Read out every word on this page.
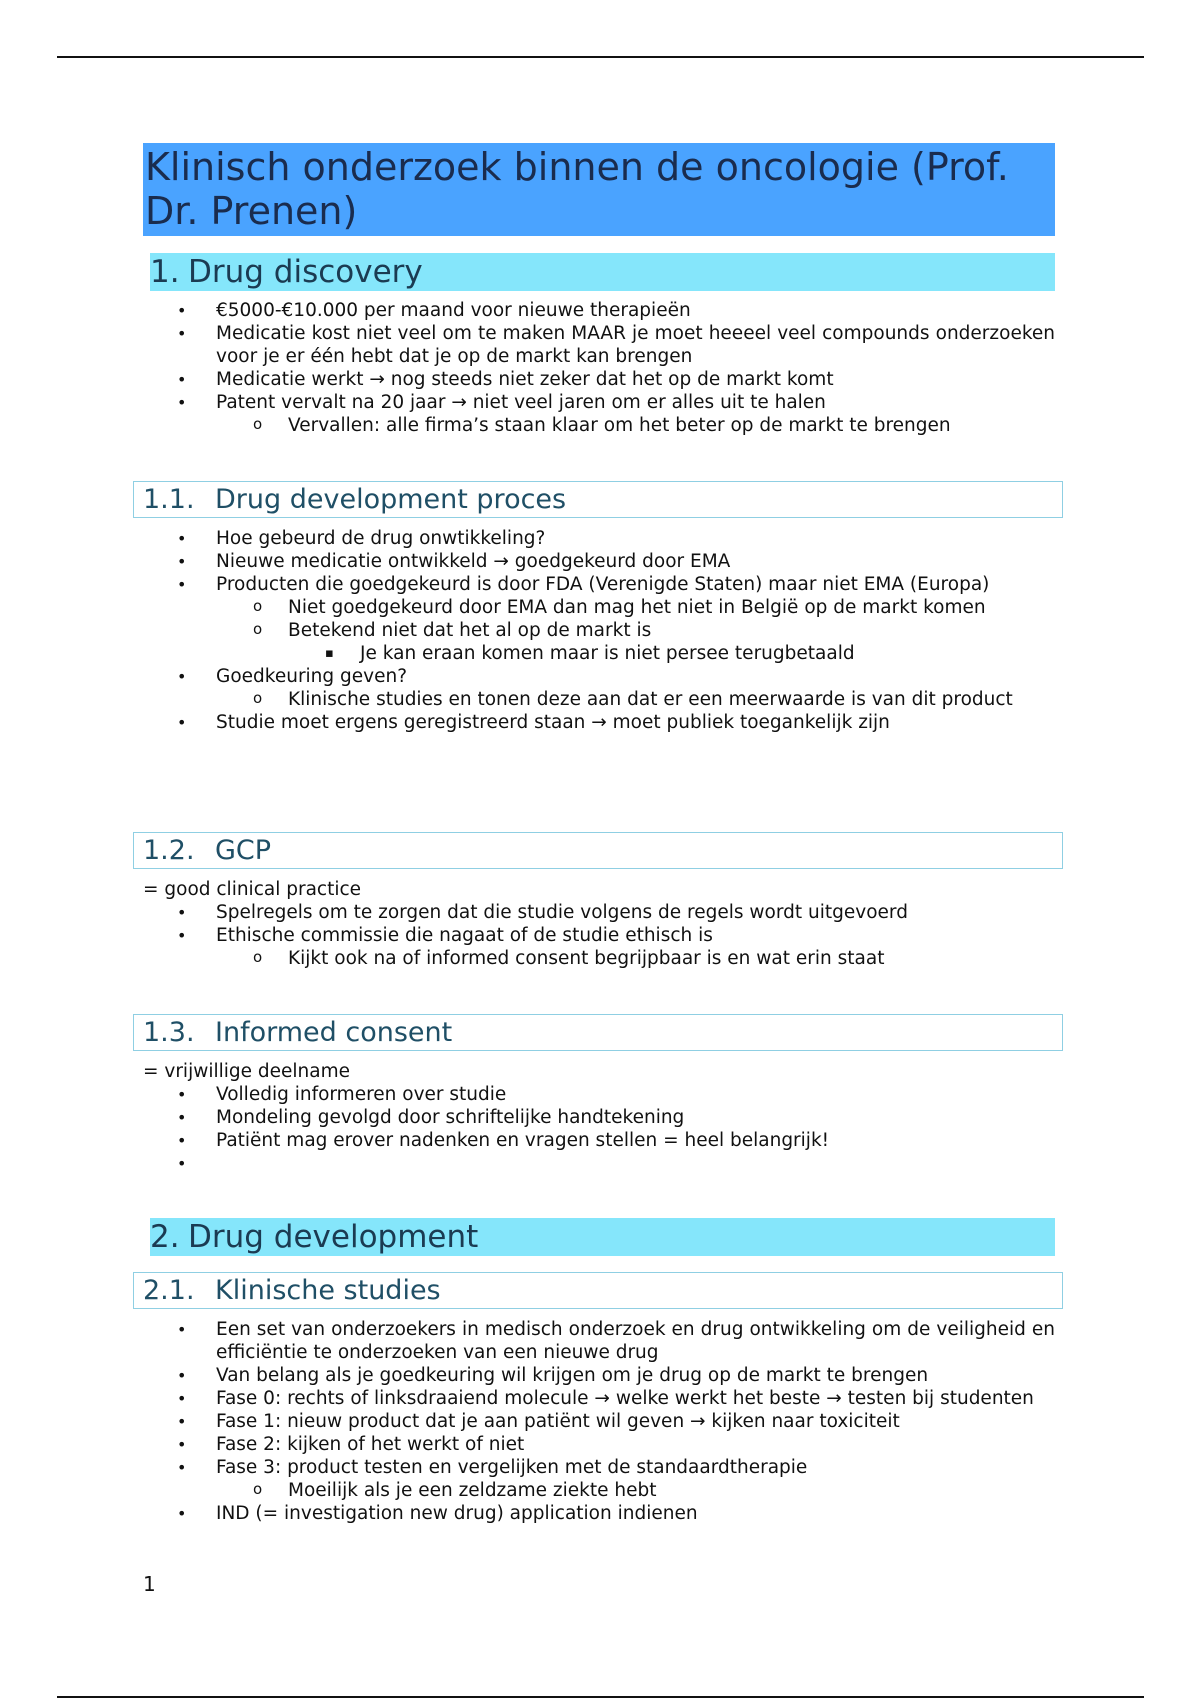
Klinisch onderzoek binnen de oncologie (Prof. Dr. Prenen)
1. Drug discovery
• €5000-€10.000 per maand voor nieuwe therapieën
• Medicatie kost niet veel om te maken MAAR je moet heeeel veel compounds onderzoeken voor je er één hebt dat je op de markt kan brengen
• Medicatie werkt → nog steeds niet zeker dat het op de markt komt
• Patent vervalt na 20 jaar → niet veel jaren om er alles uit te halen
o Vervallen: alle firma’s staan klaar om het beter op de markt te brengen
1.1. Drug development proces
• Hoe gebeurd de drug onwtikkeling?
• Nieuwe medicatie ontwikkeld → goedgekeurd door EMA
• Producten die goedgekeurd is door FDA (Verenigde Staten) maar niet EMA (Europa)
o Niet goedgekeurd door EMA dan mag het niet in België op de markt komen
o Betekend niet dat het al op de markt is
▪ Je kan eraan komen maar is niet persee terugbetaald
• Goedkeuring geven?
o Klinische studies en tonen deze aan dat er een meerwaarde is van dit product
• Studie moet ergens geregistreerd staan → moet publiek toegankelijk zijn
1.2. GCP
= good clinical practice
• Spelregels om te zorgen dat die studie volgens de regels wordt uitgevoerd
• Ethische commissie die nagaat of de studie ethisch is
o Kijkt ook na of informed consent begrijpbaar is en wat erin staat
1.3. Informed consent
= vrijwillige deelname
• Volledig informeren over studie
• Mondeling gevolgd door schriftelijke handtekening
• Patiënt mag erover nadenken en vragen stellen = heel belangrijk!
•
2. Drug development
2.1. Klinische studies
• Een set van onderzoekers in medisch onderzoek en drug ontwikkeling om de veiligheid en efficiëntie te onderzoeken van een nieuwe drug
• Van belang als je goedkeuring wil krijgen om je drug op de markt te brengen
• Fase 0: rechts of linksdraaiend molecule → welke werkt het beste → testen bij studenten
• Fase 1: nieuw product dat je aan patiënt wil geven → kijken naar toxiciteit
• Fase 2: kijken of het werkt of niet
• Fase 3: product testen en vergelijken met de standaardtherapie
o Moeilijk als je een zeldzame ziekte hebt
• IND (= investigation new drug) application indienen
1
